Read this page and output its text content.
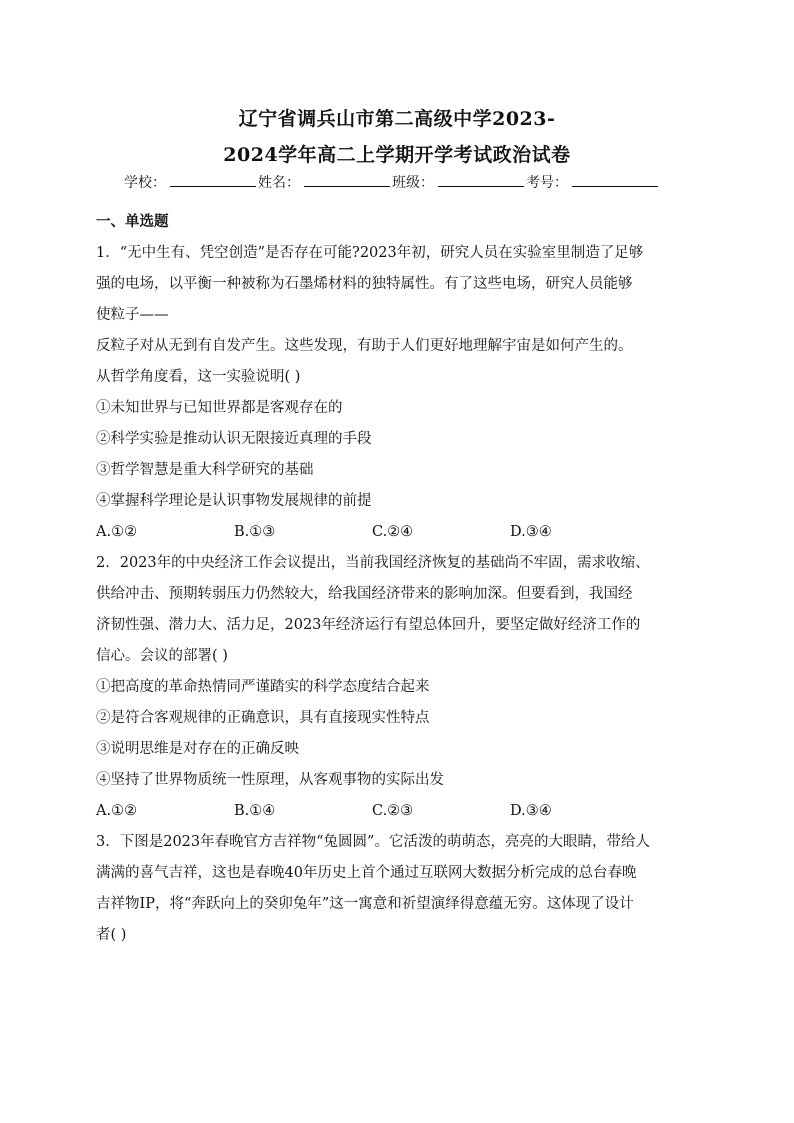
辽宁省调兵山市第二高级中学2023-
2024学年高二上学期开学考试政治试卷
学校：	姓名：	班级：	考号：
一、单选题
1．“无中生有、凭空创造”是否存在可能?2023年初，研究人员在实验室里制造了足够
强的电场，以平衡一种被称为石墨烯材料的独特属性。有了这些电场，研究人员能够
使粒子——
反粒子对从无到有自发产生。这些发现，有助于人们更好地理解宇宙是如何产生的。
从哲学角度看，这一实验说明( )
①未知世界与已知世界都是客观存在的
②科学实验是推动认识无限接近真理的手段
③哲学智慧是重大科学研究的基础
④掌握科学理论是认识事物发展规律的前提
A.①②	B.①③	C.②④	D.③④
2．2023年的中央经济工作会议提出，当前我国经济恢复的基础尚不牢固，需求收缩、
供给冲击、预期转弱压力仍然较大，给我国经济带来的影响加深。但要看到，我国经
济韧性强、潜力大、活力足，2023年经济运行有望总体回升，要坚定做好经济工作的
信心。会议的部署( )
①把高度的革命热情同严谨踏实的科学态度结合起来
②是符合客观规律的正确意识，具有直接现实性特点
③说明思维是对存在的正确反映
④坚持了世界物质统一性原理，从客观事物的实际出发
A.①②	B.①④	C.②③	D.③④
3．下图是2023年春晚官方吉祥物“兔圆圆”。它活泼的萌萌态，亮亮的大眼睛，带给人
满满的喜气吉祥，这也是春晚40年历史上首个通过互联网大数据分析完成的总台春晚
吉祥物IP，将“奔跃向上的癸卯兔年”这一寓意和祈望演绎得意蕴无穷。这体现了设计
者( )
